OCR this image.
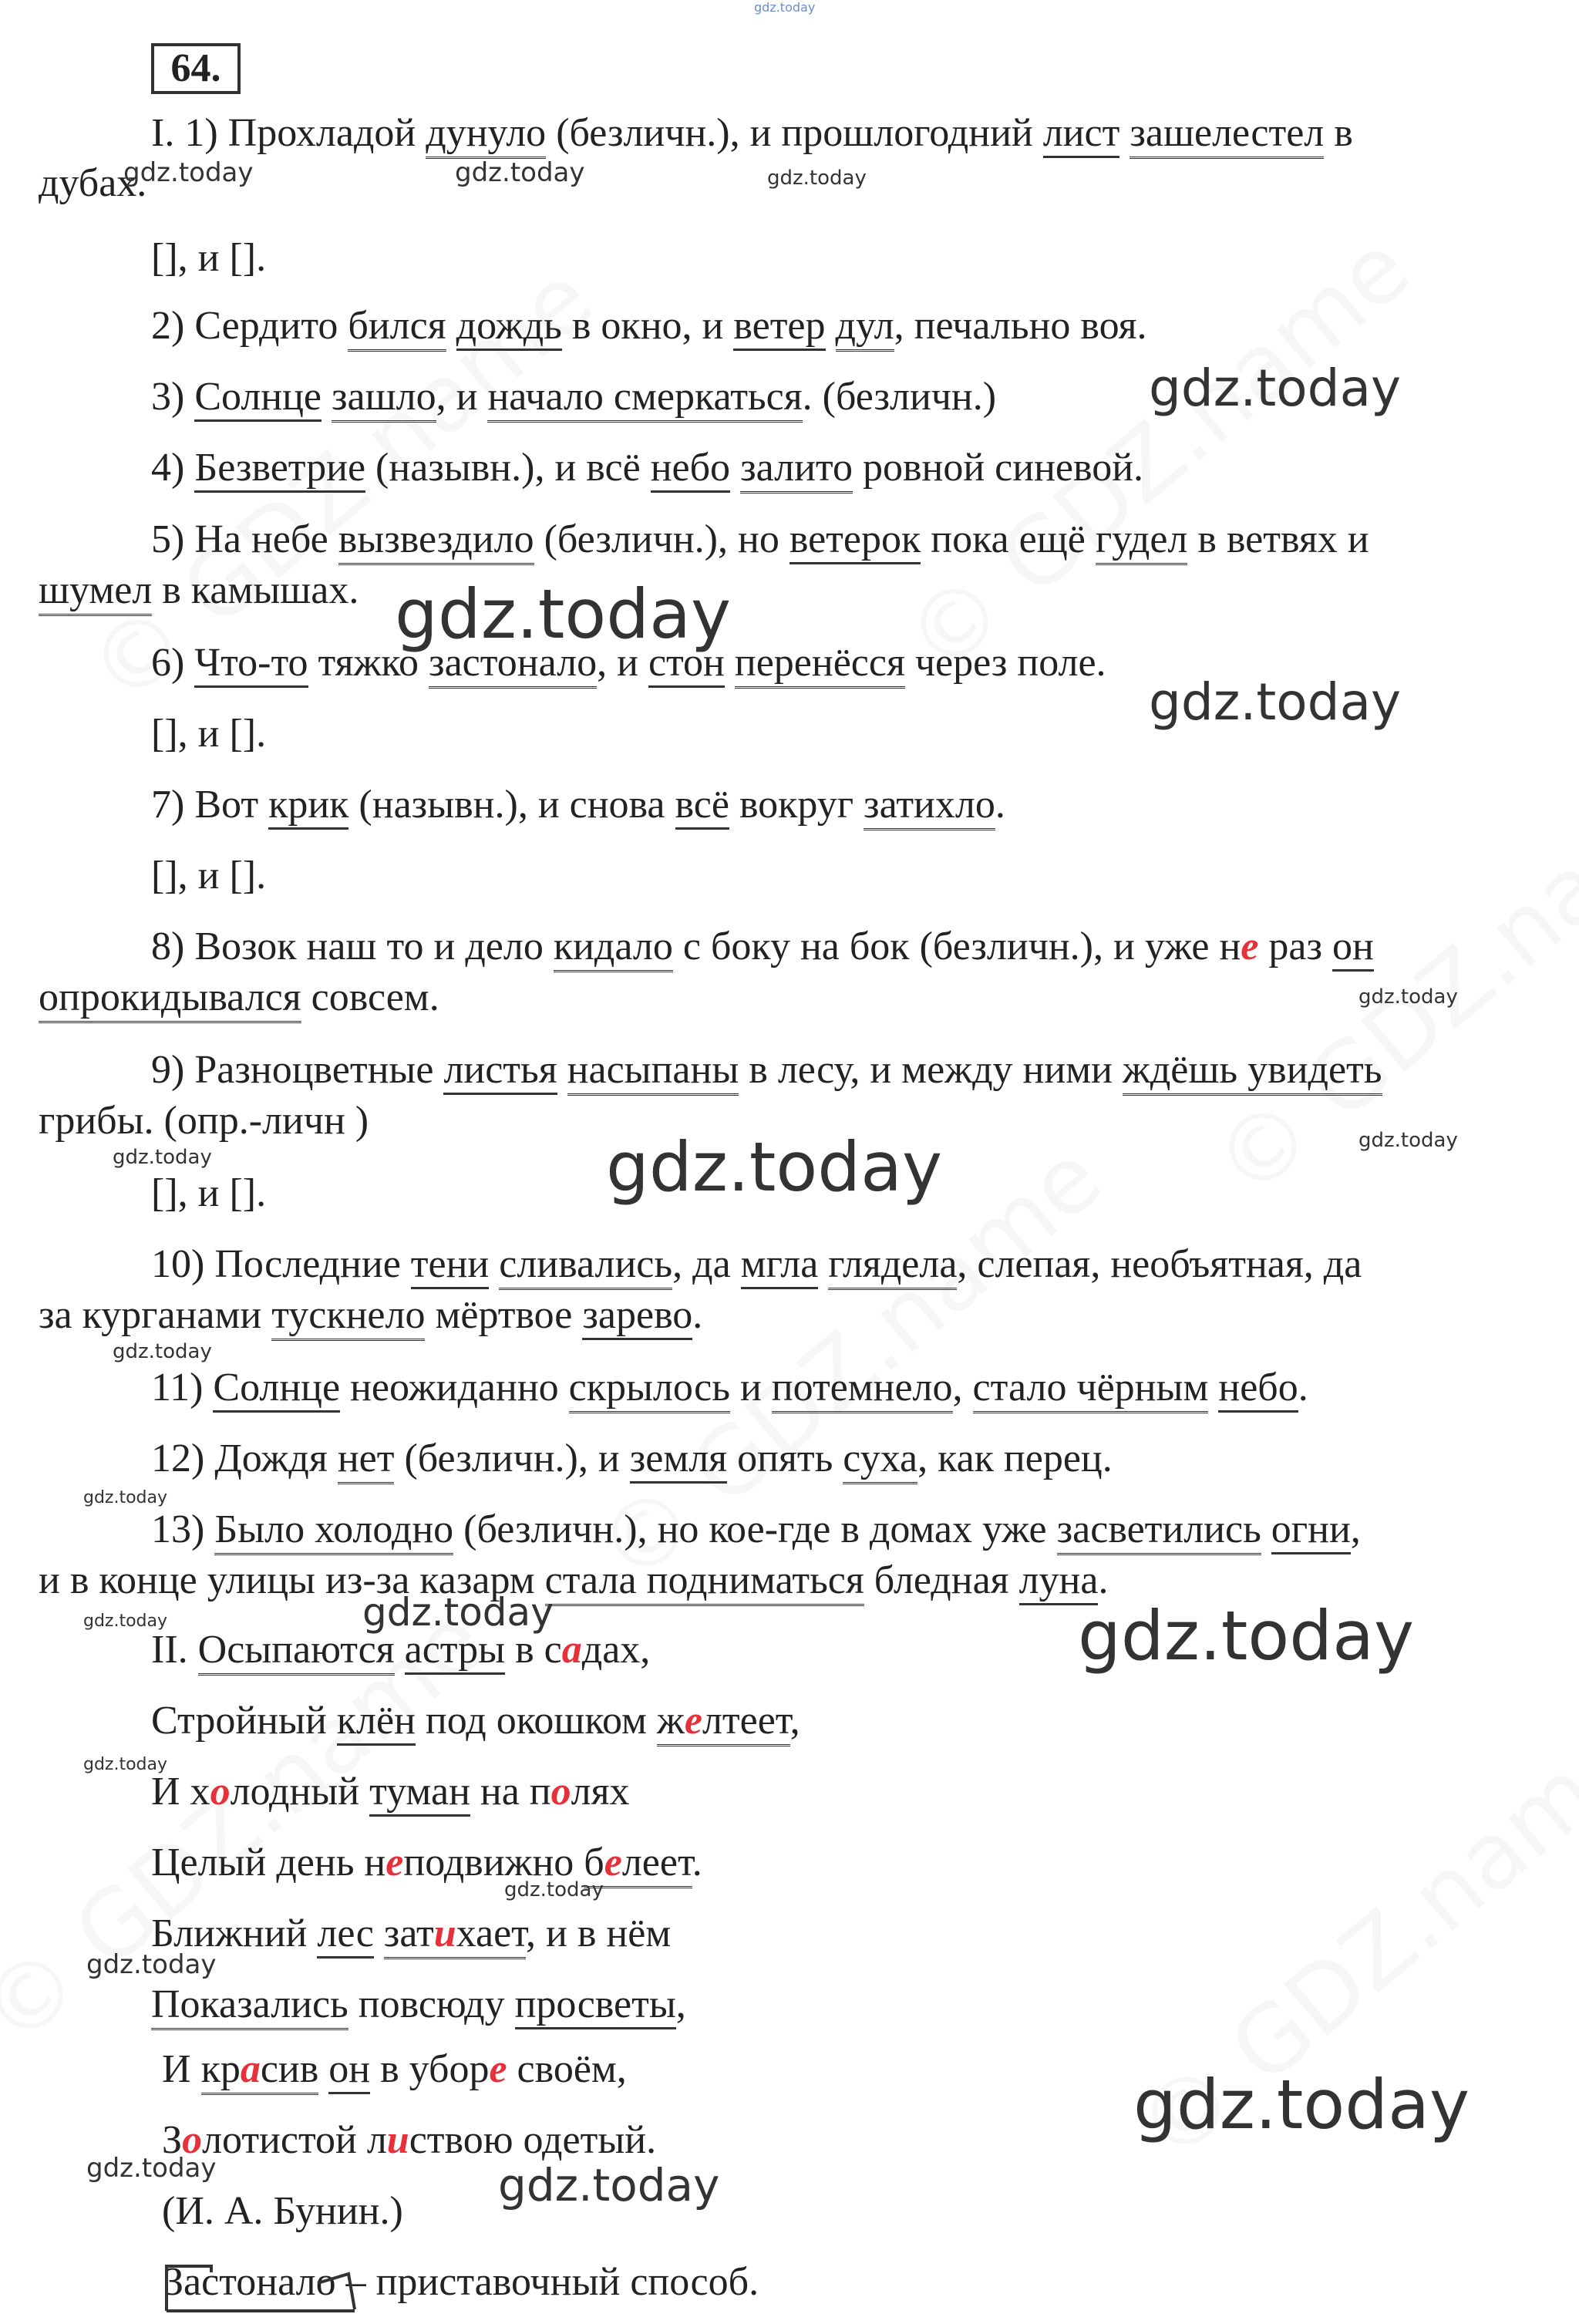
gdz.today
64.
I. 1) Прохладой дунуло (безличн.), и прошлогодний лист зашелестел в
дубах.
gdz.today	gdz.today	gdz.today
[], и [].
2) Сердито бился дождь в окно, и ветер дул, печально воя.
3) Солнце зашло, и начало смеркаться. (безличн.)	gdz.today
4) Безветрие (назывн.), и всё небо залито ровной синевой.
5) На небе вызвездило (безличн.), но ветерок пока ещё гудел в ветвях и
шумел в камышах. gdz.today
6) Что-то тяжко застонало, и стон перенёсся через поле.
gdz.today
[], и [].
7) Вот крик (назывн.), и снова всё вокруг затихло.
[], и [].
8) Возок наш то и дело кидало с боку на бок (безличн.), и уже не раз он
опрокидывался совсем.	gdz.today
9) Разноцветные листья насыпаны в лесу, и между ними ждёшь увидеть
грибы. (опр.-личн )
gdz.today
gdz.today
gdz.today
[], и [].
10) Последние тени сливались, да мгла глядела, слепая, необъятная, да
за курганами тускнело мёртвое зарево.
gdz.today
11) Солнце неожиданно скрылось и потемнело, стало чёрным небо.
12) Дождя нет (безличн.), и земля опять суха, как перец.
gdz.today
13) Было холодно (безличн.), но кое-где в домах уже засветились огни,
и в конце улицы из-за казарм стала подниматься бледная луна.
gdz.today	gdz.today	gdz.today
II. Осыпаются астры в садах,
gdz.today
Стройный клён под окошком желтеет,
И холодный туман на полях
Целый день неподвижно белеет.
gdz.today
Ближний лес затихает, и в нём
gdz.today
Показались повсюду просветы,
И красив он в уборе своём,	gdz.today
Золотистой листвою одетый.
gdz.today	gdz.today
(И. А. Бунин.)
Застонало – приставочный способ.
